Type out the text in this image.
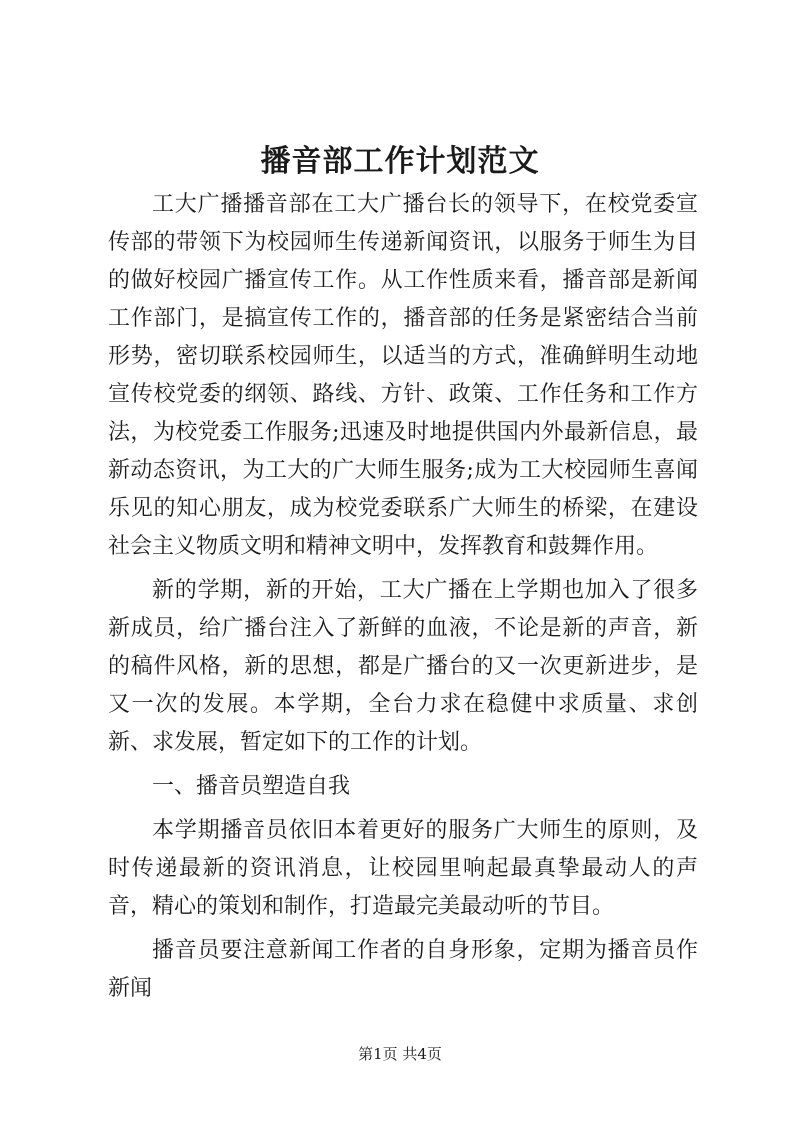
播音部工作计划范文

工大广播播音部在工大广播台长的领导下，在校党委宣传部的带领下为校园师生传递新闻资讯，以服务于师生为目的做好校园广播宣传工作。从工作性质来看，播音部是新闻工作部门，是搞宣传工作的，播音部的任务是紧密结合当前形势，密切联系校园师生，以适当的方式，准确鲜明生动地宣传校党委的纲领、路线、方针、政策、工作任务和工作方法，为校党委工作服务;迅速及时地提供国内外最新信息，最新动态资讯，为工大的广大师生服务;成为工大校园师生喜闻乐见的知心朋友，成为校党委联系广大师生的桥梁，在建设社会主义物质文明和精神文明中，发挥教育和鼓舞作用。

新的学期，新的开始，工大广播在上学期也加入了很多新成员，给广播台注入了新鲜的血液，不论是新的声音，新的稿件风格，新的思想，都是广播台的又一次更新进步，是又一次的发展。本学期，全台力求在稳健中求质量、求创新、求发展，暂定如下的工作的计划。

一、播音员塑造自我

本学期播音员依旧本着更好的服务广大师生的原则，及时传递最新的资讯消息，让校园里响起最真挚最动人的声音，精心的策划和制作，打造最完美最动听的节目。

播音员要注意新闻工作者的自身形象，定期为播音员作新闻

第1页 共4页
